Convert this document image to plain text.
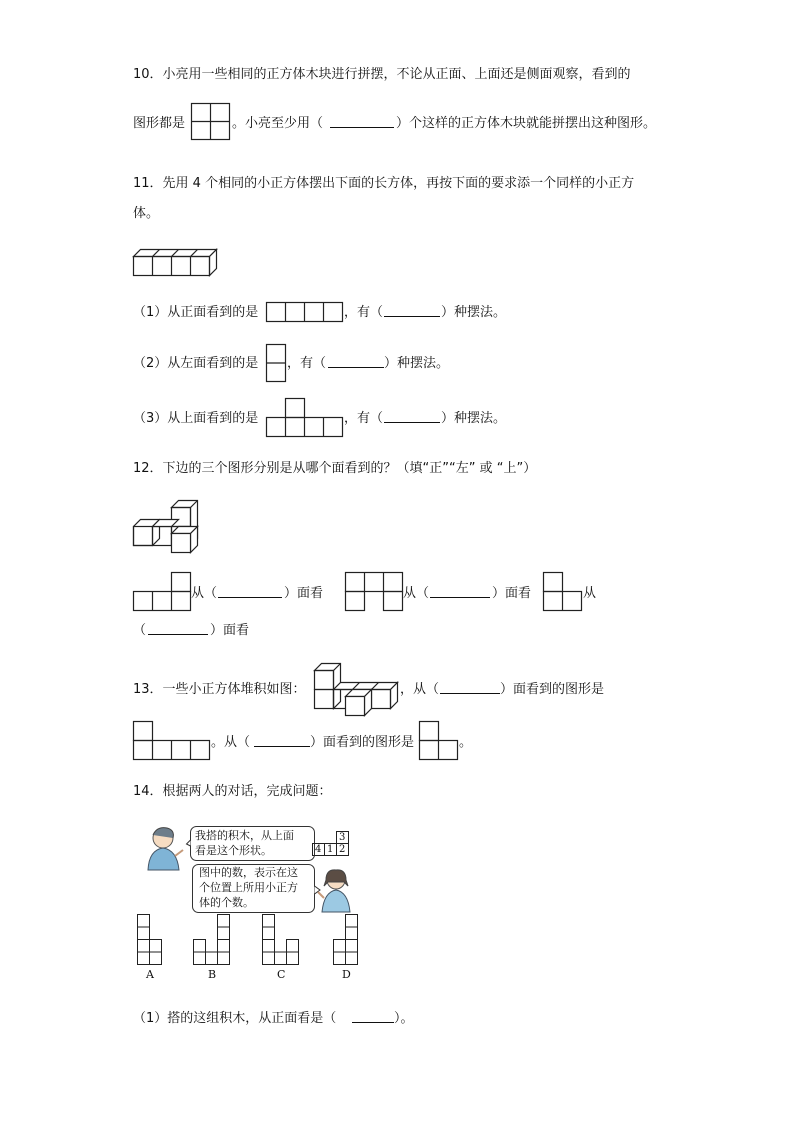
10．小亮用一些相同的正方体木块进行拼摆，不论从正面、上面还是侧面观察，看到的
图形都是	。小亮至少用（	）个这样的正方体木块就能拼摆出这种图形。
11．先用 4 个相同的小正方体摆出下面的长方体，再按下面的要求添一个同样的小正方
体。
（1）从正面看到的是	，有（	）种摆法。
（2）从左面看到的是 ，有（	）种摆法。
（3）从上面看到的是	，有（	）种摆法。
12．下边的三个图形分别是从哪个面看到的？（填“正”“左” 或 “上”）
从（	）面看	从（	）面看	从
（	）面看
13．一些小正方体堆积如图：	，从（	）面看到的图形是
。从（	）面看到的图形是	。
14．根据两人的对话，完成问题：
我搭的积木，从上面
看是这个形状。
3
4 1 2
图中的数，表示在这
个位置上所用小正方
体的个数。
A	B	C	D
（1）搭的这组积木，从正面看是（	）。
